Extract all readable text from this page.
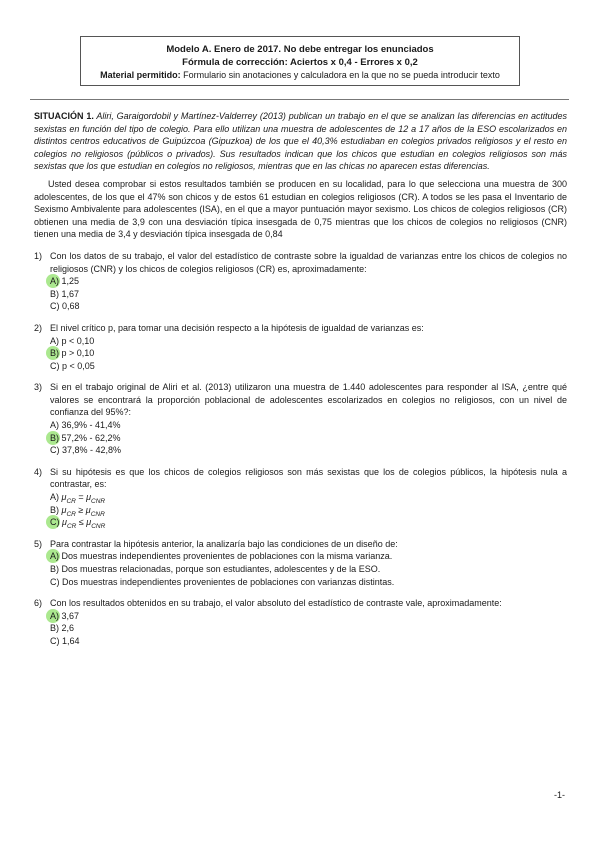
Modelo A. Enero de 2017. No debe entregar los enunciados
Fórmula de corrección: Aciertos x 0,4 - Errores x 0,2
Material permitido: Formulario sin anotaciones y calculadora en la que no se pueda introducir texto

SITUACIÓN 1. Aliri, Garaigordobil y Martínez-Valderrey (2013) publican un trabajo en el que se analizan las diferencias en actitudes sexistas en función del tipo de colegio. Para ello utilizan una muestra de adolescentes de 12 a 17 años de la ESO escolarizados en distintos centros educativos de Guipúzcoa (Gipuzkoa) de los que el 40,3% estudiaban en colegios privados religiosos y el resto en colegios no religiosos (públicos o privados). Sus resultados indican que los chicos que estudian en colegios religiosos son más sexistas que los que estudian en colegios no religiosos, mientras que en las chicas no aparecen estas diferencias.

Usted desea comprobar si estos resultados también se producen en su localidad, para lo que selecciona una muestra de 300 adolescentes, de los que el 47% son chicos y de estos 61 estudian en colegios religiosos (CR). A todos se les pasa el Inventario de Sexismo Ambivalente para adolescentes (ISA), en el que a mayor puntuación mayor sexismo. Los chicos de colegios religiosos (CR) obtienen una media de 3,9 con una desviación típica insesgada de 0,75 mientras que los chicos de colegios no religiosos (CNR) tienen una media de 3,4 y desviación típica insesgada de 0,84

1) Con los datos de su trabajo, el valor del estadístico de contraste sobre la igualdad de varianzas entre los chicos de colegios no religiosos (CNR) y los chicos de colegios religiosos (CR) es, aproximadamente:
A) 1,25
B) 1,67
C) 0,68
2) El nivel crítico p, para tomar una decisión respecto a la hipótesis de igualdad de varianzas es:
A) p < 0,10
B) p > 0,10
C) p < 0,05
3) Si en el trabajo original de Aliri et al. (2013) utilizaron una muestra de 1.440 adolescentes para responder al ISA, ¿entre qué valores se encontrará la proporción poblacional de adolescentes escolarizados en colegios no religiosos, con un nivel de confianza del 95%?:
A) 36,9% - 41,4%
B) 57,2% - 62,2%
C) 37,8% - 42,8%
4) Si su hipótesis es que los chicos de colegios religiosos son más sexistas que los de colegios públicos, la hipótesis nula a contrastar, es:
A) $\mu_{CR} = \mu_{CNR}$
B) $\mu_{CR} \ge \mu_{CNR}$
C) $\mu_{CR} \le \mu_{CNR}$
5) Para contrastar la hipótesis anterior, la analizaría bajo las condiciones de un diseño de:
A) Dos muestras independientes provenientes de poblaciones con la misma varianza.
B) Dos muestras relacionadas, porque son estudiantes, adolescentes y de la ESO.
C) Dos muestras independientes provenientes de poblaciones con varianzas distintas.
6) Con los resultados obtenidos en su trabajo, el valor absoluto del estadístico de contraste vale, aproximadamente:
A) 3,67
B) 2,6
C) 1,64
-1-
